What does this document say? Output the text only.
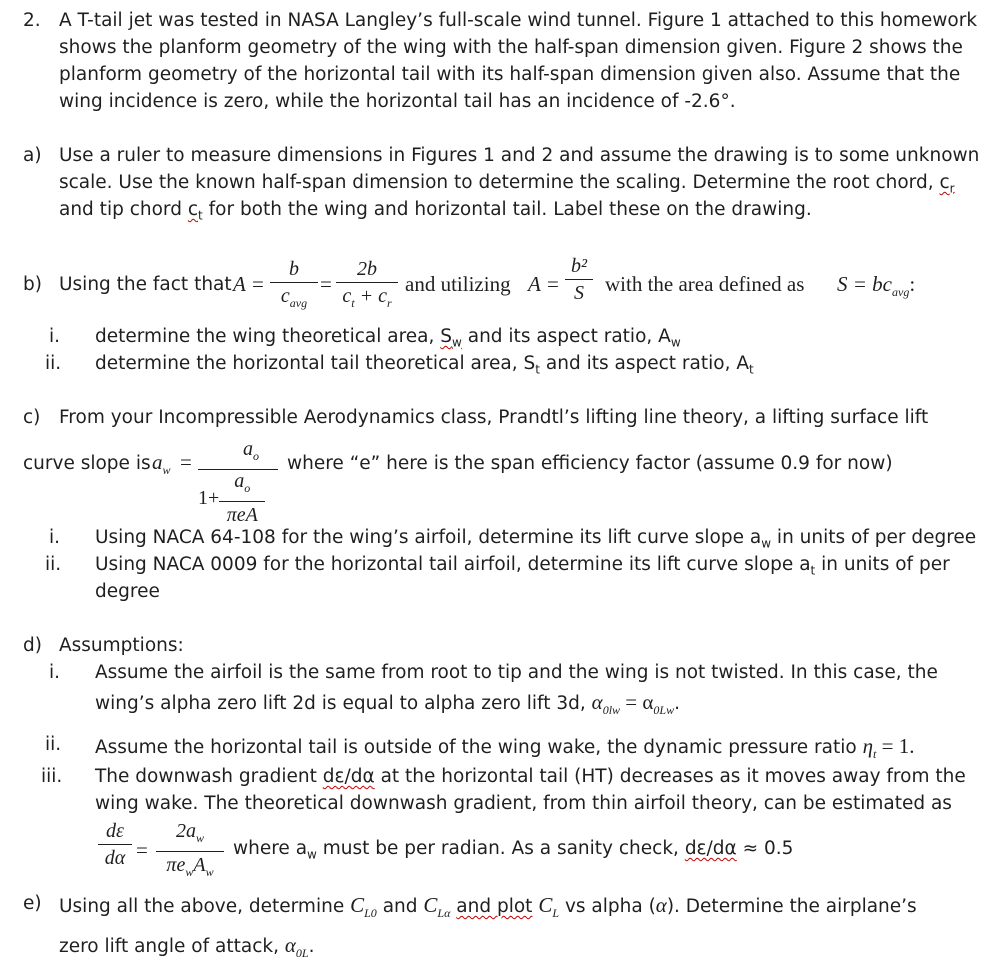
2. A T-tail jet was tested in NASA Langley’s full-scale wind tunnel. Figure 1 attached to this homework
shows the planform geometry of the wing with the half-span dimension given. Figure 2 shows the
planform geometry of the horizontal tail with its half-span dimension given also. Assume that the
wing incidence is zero, while the horizontal tail has an incidence of -2.6°.
a) Use a ruler to measure dimensions in Figures 1 and 2 and assume the drawing is to some unknown
scale. Use the known half-span dimension to determine the scaling. Determine the root chord, $c_r$
and tip chord $c_t$ for both the wing and horizontal tail. Label these on the drawing.
b) Using the fact that A =
b
$c_{avg}$
=
2b
$c_t + c_r$
and utilizing A =
b²
S with the area defined as $S = bc_{avg}$:
i. determine the wing theoretical area, $S_w$ and its aspect ratio, $A_w$
ii. determine the horizontal tail theoretical area, $S_t$ and its aspect ratio, $A_t$
c) From your Incompressible Aerodynamics class, Prandtl’s lifting line theory, a lifting surface lift
curve slope is $a_w$ =
$a_o$
$1+ \frac{a_o}{\text{πeA}}$
where “e” here is the span efficiency factor (assume 0.9 for now)
i. Using NACA 64-108 for the wing’s airfoil, determine its lift curve slope $a_w$ in units of per degree
ii. Using NACA 0009 for the horizontal tail airfoil, determine its lift curve slope $a_t$ in units of per
degree
d) Assumptions:
i. Assume the airfoil is the same from root to tip and the wing is not twisted. In this case, the
wing’s alpha zero lift 2d is equal to alpha zero lift 3d, $\alpha_{0lw} = \alpha_{0Lw}$.
ii. Assume the horizontal tail is outside of the wing wake, the dynamic pressure ratio $\eta_t = 1$.
iii. The downwash gradient dε/dα at the horizontal tail (HT) decreases as it moves away from the
wing wake. The theoretical downwash gradient, from thin airfoil theory, can be estimated as
dε
dα =
$2a_w$
$\pi e_wA_w$
where $a_w$ must be per radian. As a sanity check, dε/dα ≈ 0.5
e) Using all the above, determine $C_{L0}$ and $C_{L\alpha}$ and plot $C_L$ vs alpha (α). Determine the airplane’s
zero lift angle of attack, $\alpha_{0L}$.
